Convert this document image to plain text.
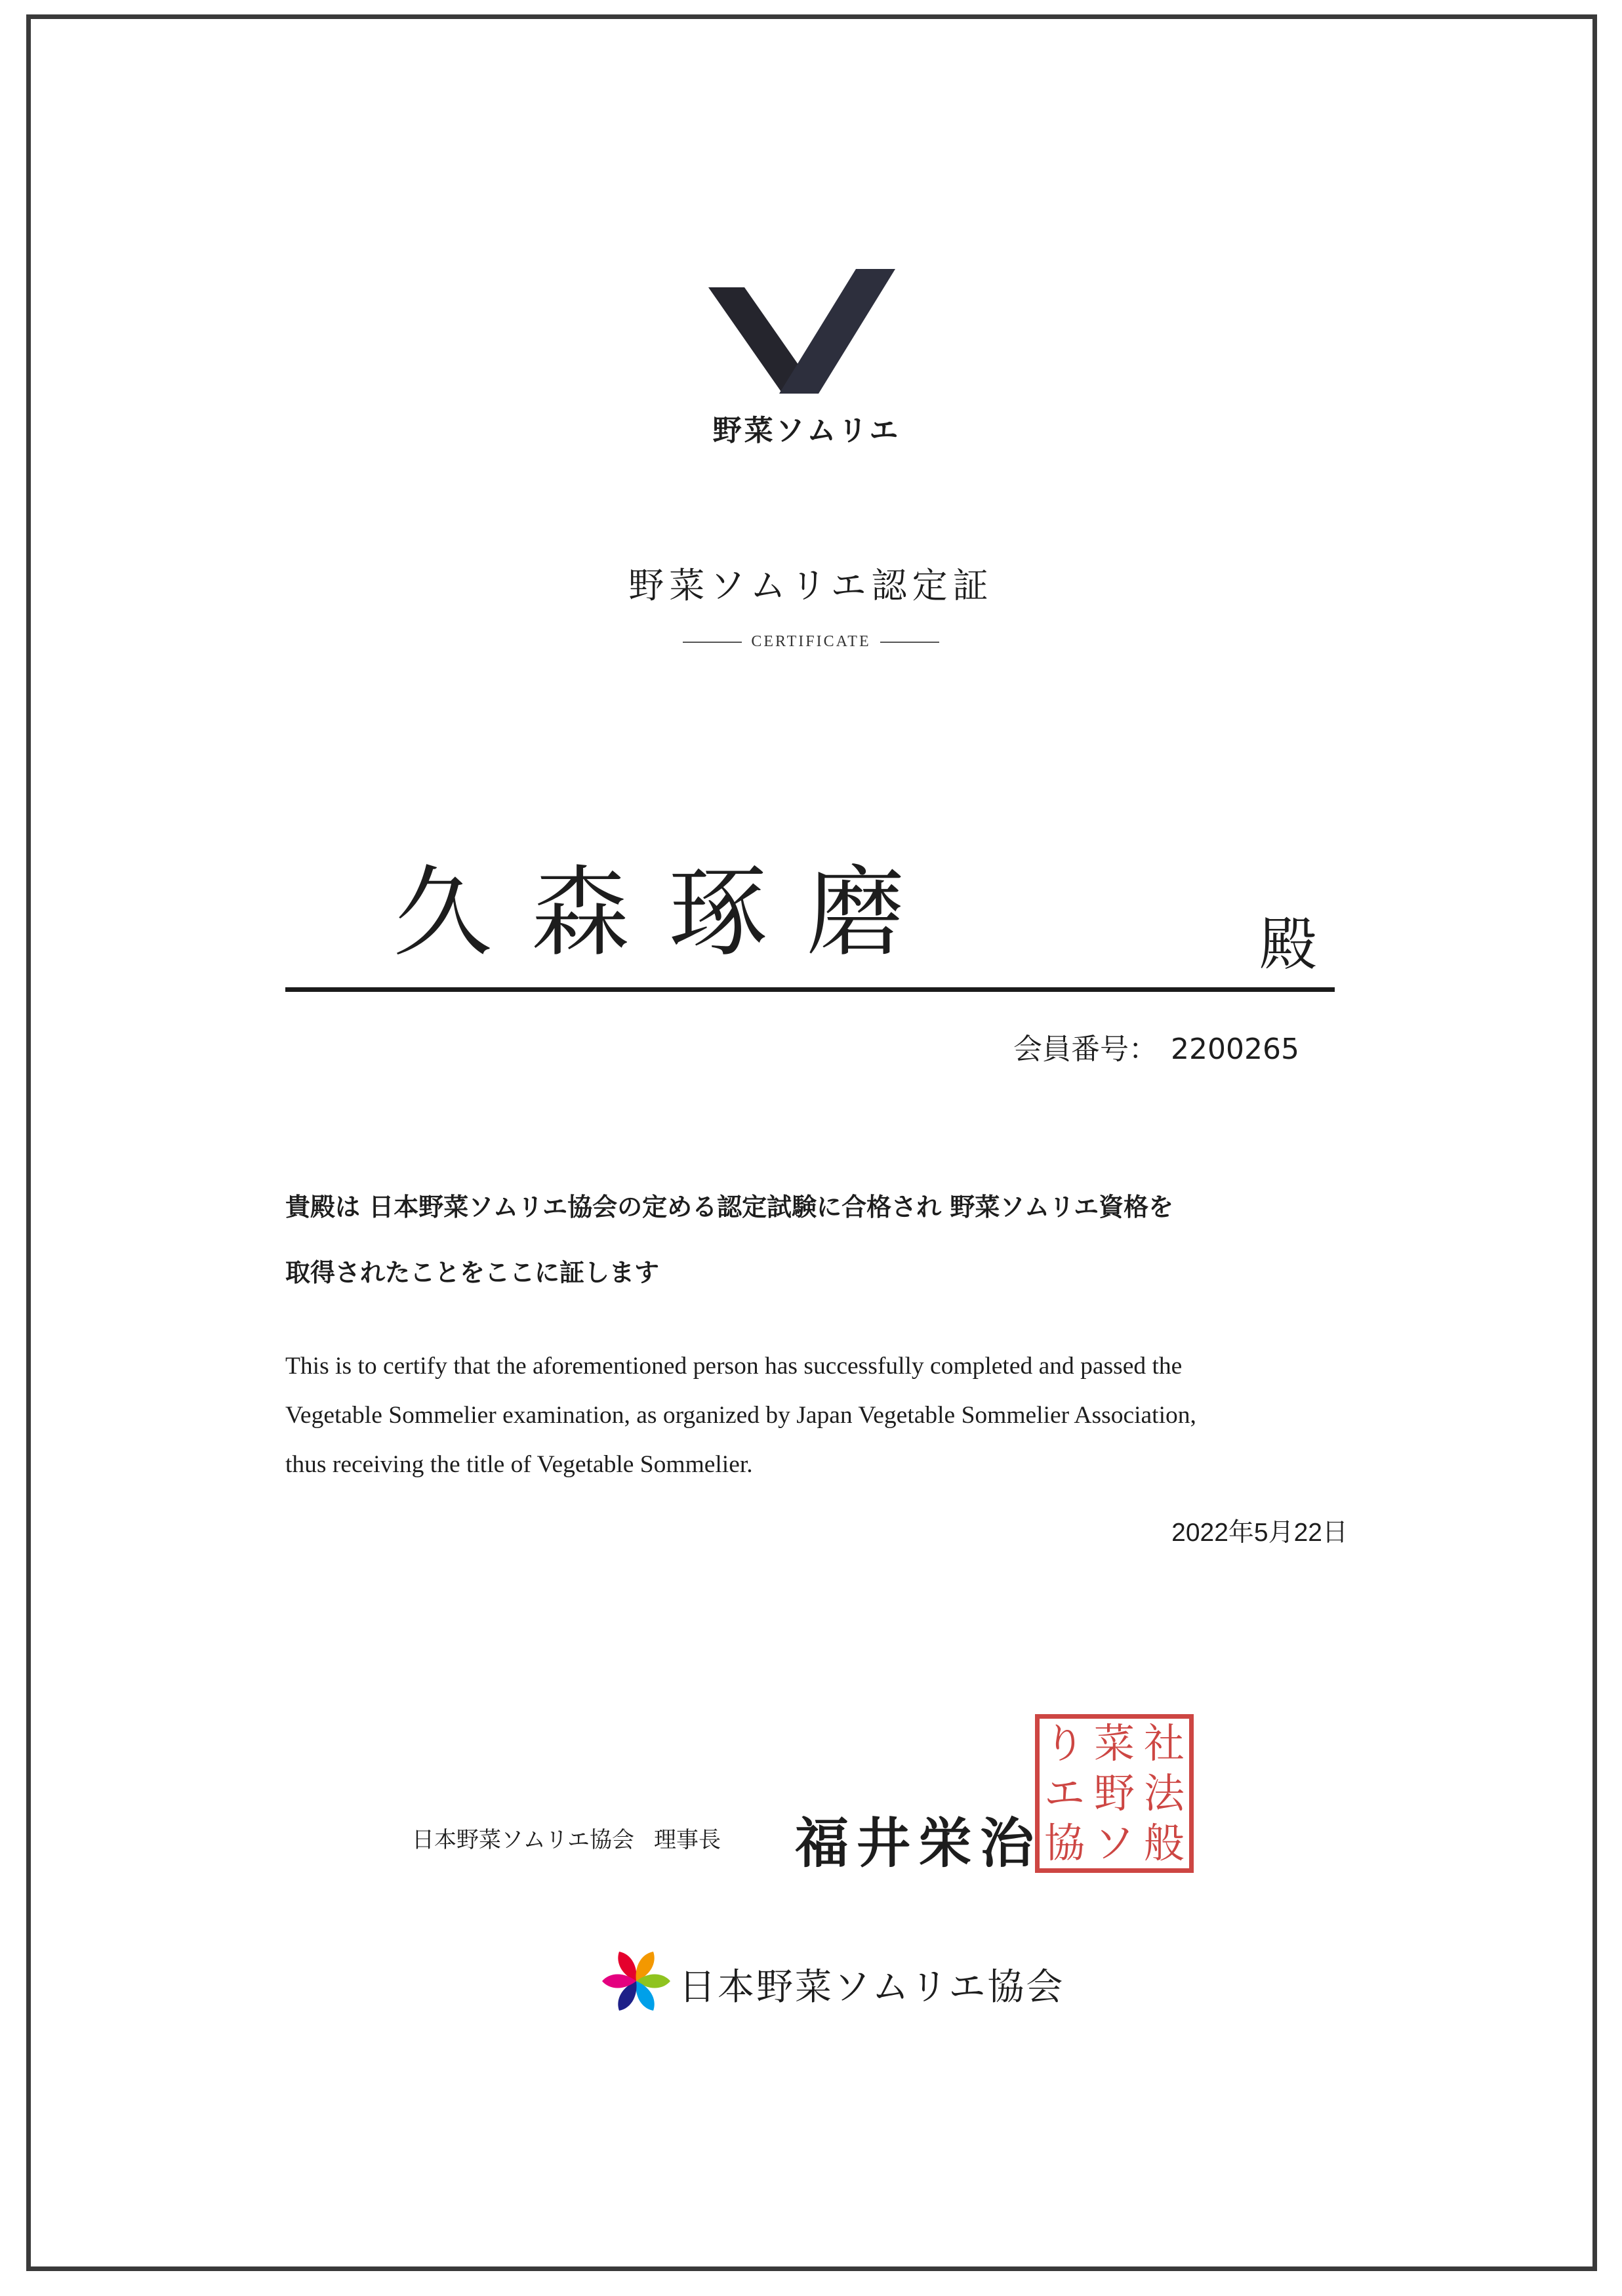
野菜ソムリエ
野菜ソムリエ認定証
CERTIFICATE
久森琢磨	殿
会員番号： 2200265
貴殿は 日本野菜ソムリエ協会の定める認定試験に合格され 野菜ソムリエ資格を
取得されたことをここに証します
This is to certify that the aforementioned person has successfully completed and passed the
Vegetable Sommelier examination, as organized by Japan Vegetable Sommelier Association,
thus receiving the title of Vegetable Sommelier.
2022年5月22日
日本野菜ソムリエ協会 理事長 福井栄治
り 菜 社
エ 野 法
協 ソ 般
日本野菜ソムリエ協会
